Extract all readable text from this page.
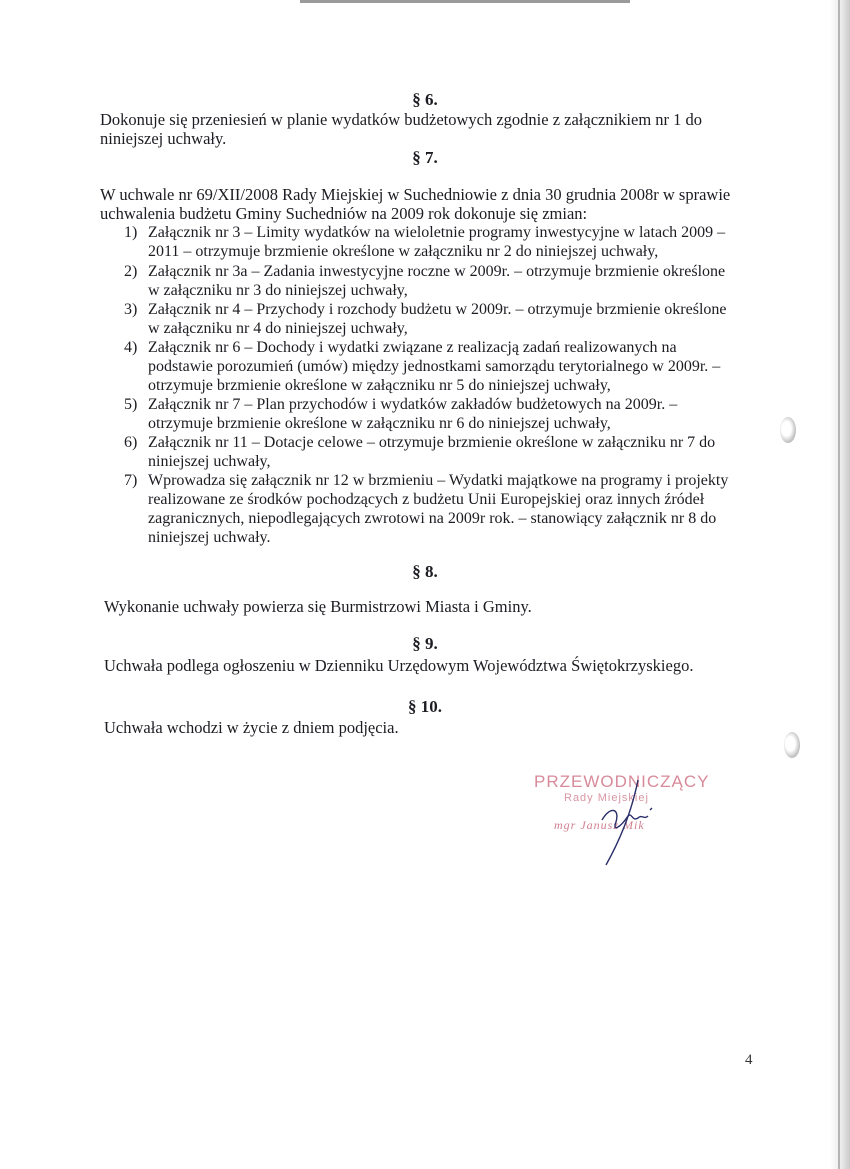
§ 6.
Dokonuje się przeniesień w planie wydatków budżetowych zgodnie z załącznikiem nr 1 do
niniejszej uchwały.
§ 7.
W uchwale nr 69/XII/2008 Rady Miejskiej w Suchedniowie z dnia 30 grudnia 2008r w sprawie
uchwalenia budżetu Gminy Suchedniów na 2009 rok dokonuje się zmian:
1) Załącznik nr 3 – Limity wydatków na wieloletnie programy inwestycyjne w latach 2009 –
2011 – otrzymuje brzmienie określone w załączniku nr 2 do niniejszej uchwały,
2) Załącznik nr 3a – Zadania inwestycyjne roczne w 2009r. – otrzymuje brzmienie określone
w załączniku nr 3 do niniejszej uchwały,
3) Załącznik nr 4 – Przychody i rozchody budżetu w 2009r. – otrzymuje brzmienie określone
w załączniku nr 4 do niniejszej uchwały,
4) Załącznik nr 6 – Dochody i wydatki związane z realizacją zadań realizowanych na
podstawie porozumień (umów) między jednostkami samorządu terytorialnego w 2009r. –
otrzymuje brzmienie określone w załączniku nr 5 do niniejszej uchwały,
5) Załącznik nr 7 – Plan przychodów i wydatków zakładów budżetowych na 2009r. –
otrzymuje brzmienie określone w załączniku nr 6 do niniejszej uchwały,
6) Załącznik nr 11 – Dotacje celowe – otrzymuje brzmienie określone w załączniku nr 7 do
niniejszej uchwały,
7) Wprowadza się załącznik nr 12 w brzmieniu – Wydatki majątkowe na programy i projekty
realizowane ze środków pochodzących z budżetu Unii Europejskiej oraz innych źródeł
zagranicznych, niepodlegających zwrotowi na 2009r rok. – stanowiący załącznik nr 8 do
niniejszej uchwały.
§ 8.
Wykonanie uchwały powierza się Burmistrzowi Miasta i Gminy.
§ 9.
Uchwała podlega ogłoszeniu w Dzienniku Urzędowym Województwa Świętokrzyskiego.
§ 10.
Uchwała wchodzi w życie z dniem podjęcia.
PRZEWODNICZĄCY
Rady Miejskiej
mgr Janusz Mik
4
